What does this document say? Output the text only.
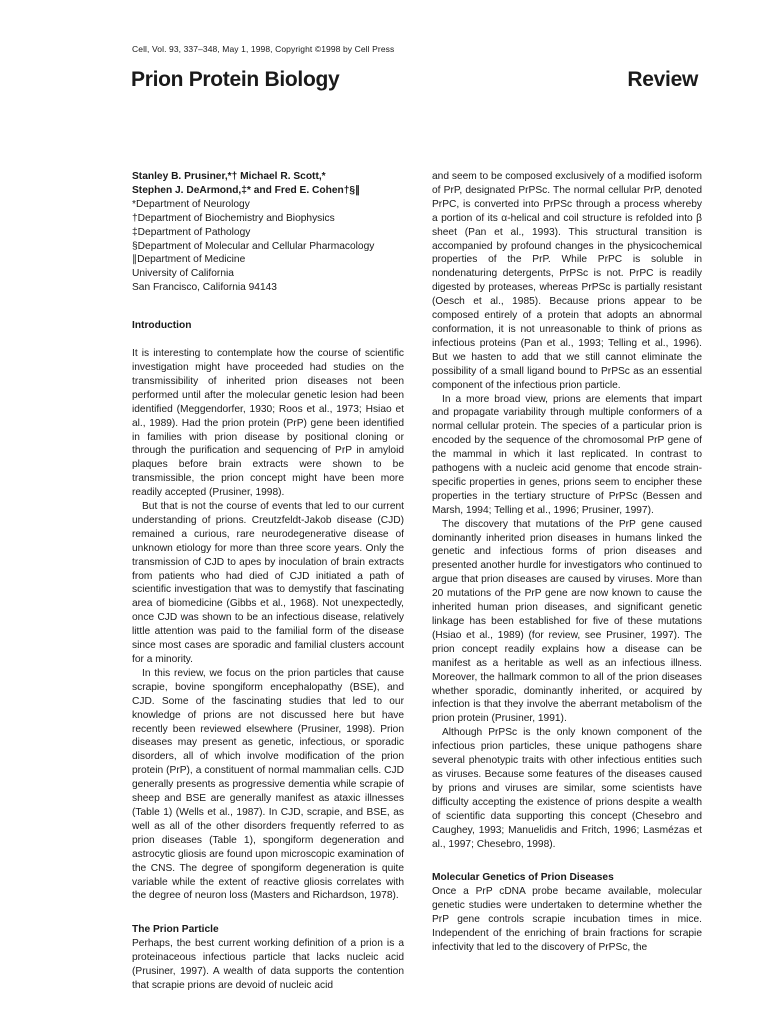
Cell, Vol. 93, 337–348, May 1, 1998, Copyright ©1998 by Cell Press
Prion Protein Biology	Review

Stanley B. Prusiner,*† Michael R. Scott,*

Stephen J. DeArmond,‡* and Fred E. Cohen†§∥

*Department of Neurology
†Department of Biochemistry and Biophysics
‡Department of Pathology
§Department of Molecular and Cellular Pharmacology
∥Department of Medicine
University of California
San Francisco, California 94143

Introduction

It is interesting to contemplate how the course of scientific investigation might have proceeded had studies on the transmissibility of inherited prion diseases not been performed until after the molecular genetic lesion had been identified (Meggendorfer, 1930; Roos et al., 1973; Hsiao et al., 1989). Had the prion protein (PrP) gene been identified in families with prion disease by positional cloning or through the purification and sequencing of PrP in amyloid plaques before brain extracts were shown to be transmissible, the prion concept might have been more readily accepted (Prusiner, 1998).

But that is not the course of events that led to our current understanding of prions. Creutzfeldt-Jakob disease (CJD) remained a curious, rare neurodegenerative disease of unknown etiology for more than three score years. Only the transmission of CJD to apes by inoculation of brain extracts from patients who had died of CJD initiated a path of scientific investigation that was to demystify that fascinating area of biomedicine (Gibbs et al., 1968). Not unexpectedly, once CJD was shown to be an infectious disease, relatively little attention was paid to the familial form of the disease since most cases are sporadic and familial clusters account for a minority.

In this review, we focus on the prion particles that cause scrapie, bovine spongiform encephalopathy (BSE), and CJD. Some of the fascinating studies that led to our knowledge of prions are not discussed here but have recently been reviewed elsewhere (Prusiner, 1998). Prion diseases may present as genetic, infectious, or sporadic disorders, all of which involve modification of the prion protein (PrP), a constituent of normal mammalian cells. CJD generally presents as progressive dementia while scrapie of sheep and BSE are generally manifest as ataxic illnesses (Table 1) (Wells et al., 1987). In CJD, scrapie, and BSE, as well as all of the other disorders frequently referred to as prion diseases (Table 1), spongiform degeneration and astrocytic gliosis are found upon microscopic examination of the CNS. The degree of spongiform degeneration is quite variable while the extent of reactive gliosis correlates with the degree of neuron loss (Masters and Richardson, 1978).

The Prion Particle

Perhaps, the best current working definition of a prion is a proteinaceous infectious particle that lacks nucleic acid (Prusiner, 1997). A wealth of data supports the contention that scrapie prions are devoid of nucleic acid

and seem to be composed exclusively of a modified isoform of PrP, designated PrPSc. The normal cellular PrP, denoted PrPC, is converted into PrPSc through a process whereby a portion of its α-helical and coil structure is refolded into β sheet (Pan et al., 1993). This structural transition is accompanied by profound changes in the physicochemical properties of the PrP. While PrPC is soluble in nondenaturing detergents, PrPSc is not. PrPC is readily digested by proteases, whereas PrPSc is partially resistant (Oesch et al., 1985). Because prions appear to be composed entirely of a protein that adopts an abnormal conformation, it is not unreasonable to think of prions as infectious proteins (Pan et al., 1993; Telling et al., 1996). But we hasten to add that we still cannot eliminate the possibility of a small ligand bound to PrPSc as an essential component of the infectious prion particle.

In a more broad view, prions are elements that impart and propagate variability through multiple conformers of a normal cellular protein. The species of a particular prion is encoded by the sequence of the chromosomal PrP gene of the mammal in which it last replicated. In contrast to pathogens with a nucleic acid genome that encode strain-specific properties in genes, prions seem to encipher these properties in the tertiary structure of PrPSc (Bessen and Marsh, 1994; Telling et al., 1996; Prusiner, 1997).

The discovery that mutations of the PrP gene caused dominantly inherited prion diseases in humans linked the genetic and infectious forms of prion diseases and presented another hurdle for investigators who continued to argue that prion diseases are caused by viruses. More than 20 mutations of the PrP gene are now known to cause the inherited human prion diseases, and significant genetic linkage has been established for five of these mutations (Hsiao et al., 1989) (for review, see Prusiner, 1997). The prion concept readily explains how a disease can be manifest as a heritable as well as an infectious illness. Moreover, the hallmark common to all of the prion diseases whether sporadic, dominantly inherited, or acquired by infection is that they involve the aberrant metabolism of the prion protein (Prusiner, 1991).

Although PrPSc is the only known component of the infectious prion particles, these unique pathogens share several phenotypic traits with other infectious entities such as viruses. Because some features of the diseases caused by prions and viruses are similar, some scientists have difficulty accepting the existence of prions despite a wealth of scientific data supporting this concept (Chesebro and Caughey, 1993; Manuelidis and Fritch, 1996; Lasmézas et al., 1997; Chesebro, 1998).

Molecular Genetics of Prion Diseases

Once a PrP cDNA probe became available, molecular genetic studies were undertaken to determine whether the PrP gene controls scrapie incubation times in mice. Independent of the enriching of brain fractions for scrapie infectivity that led to the discovery of PrPSc, the
